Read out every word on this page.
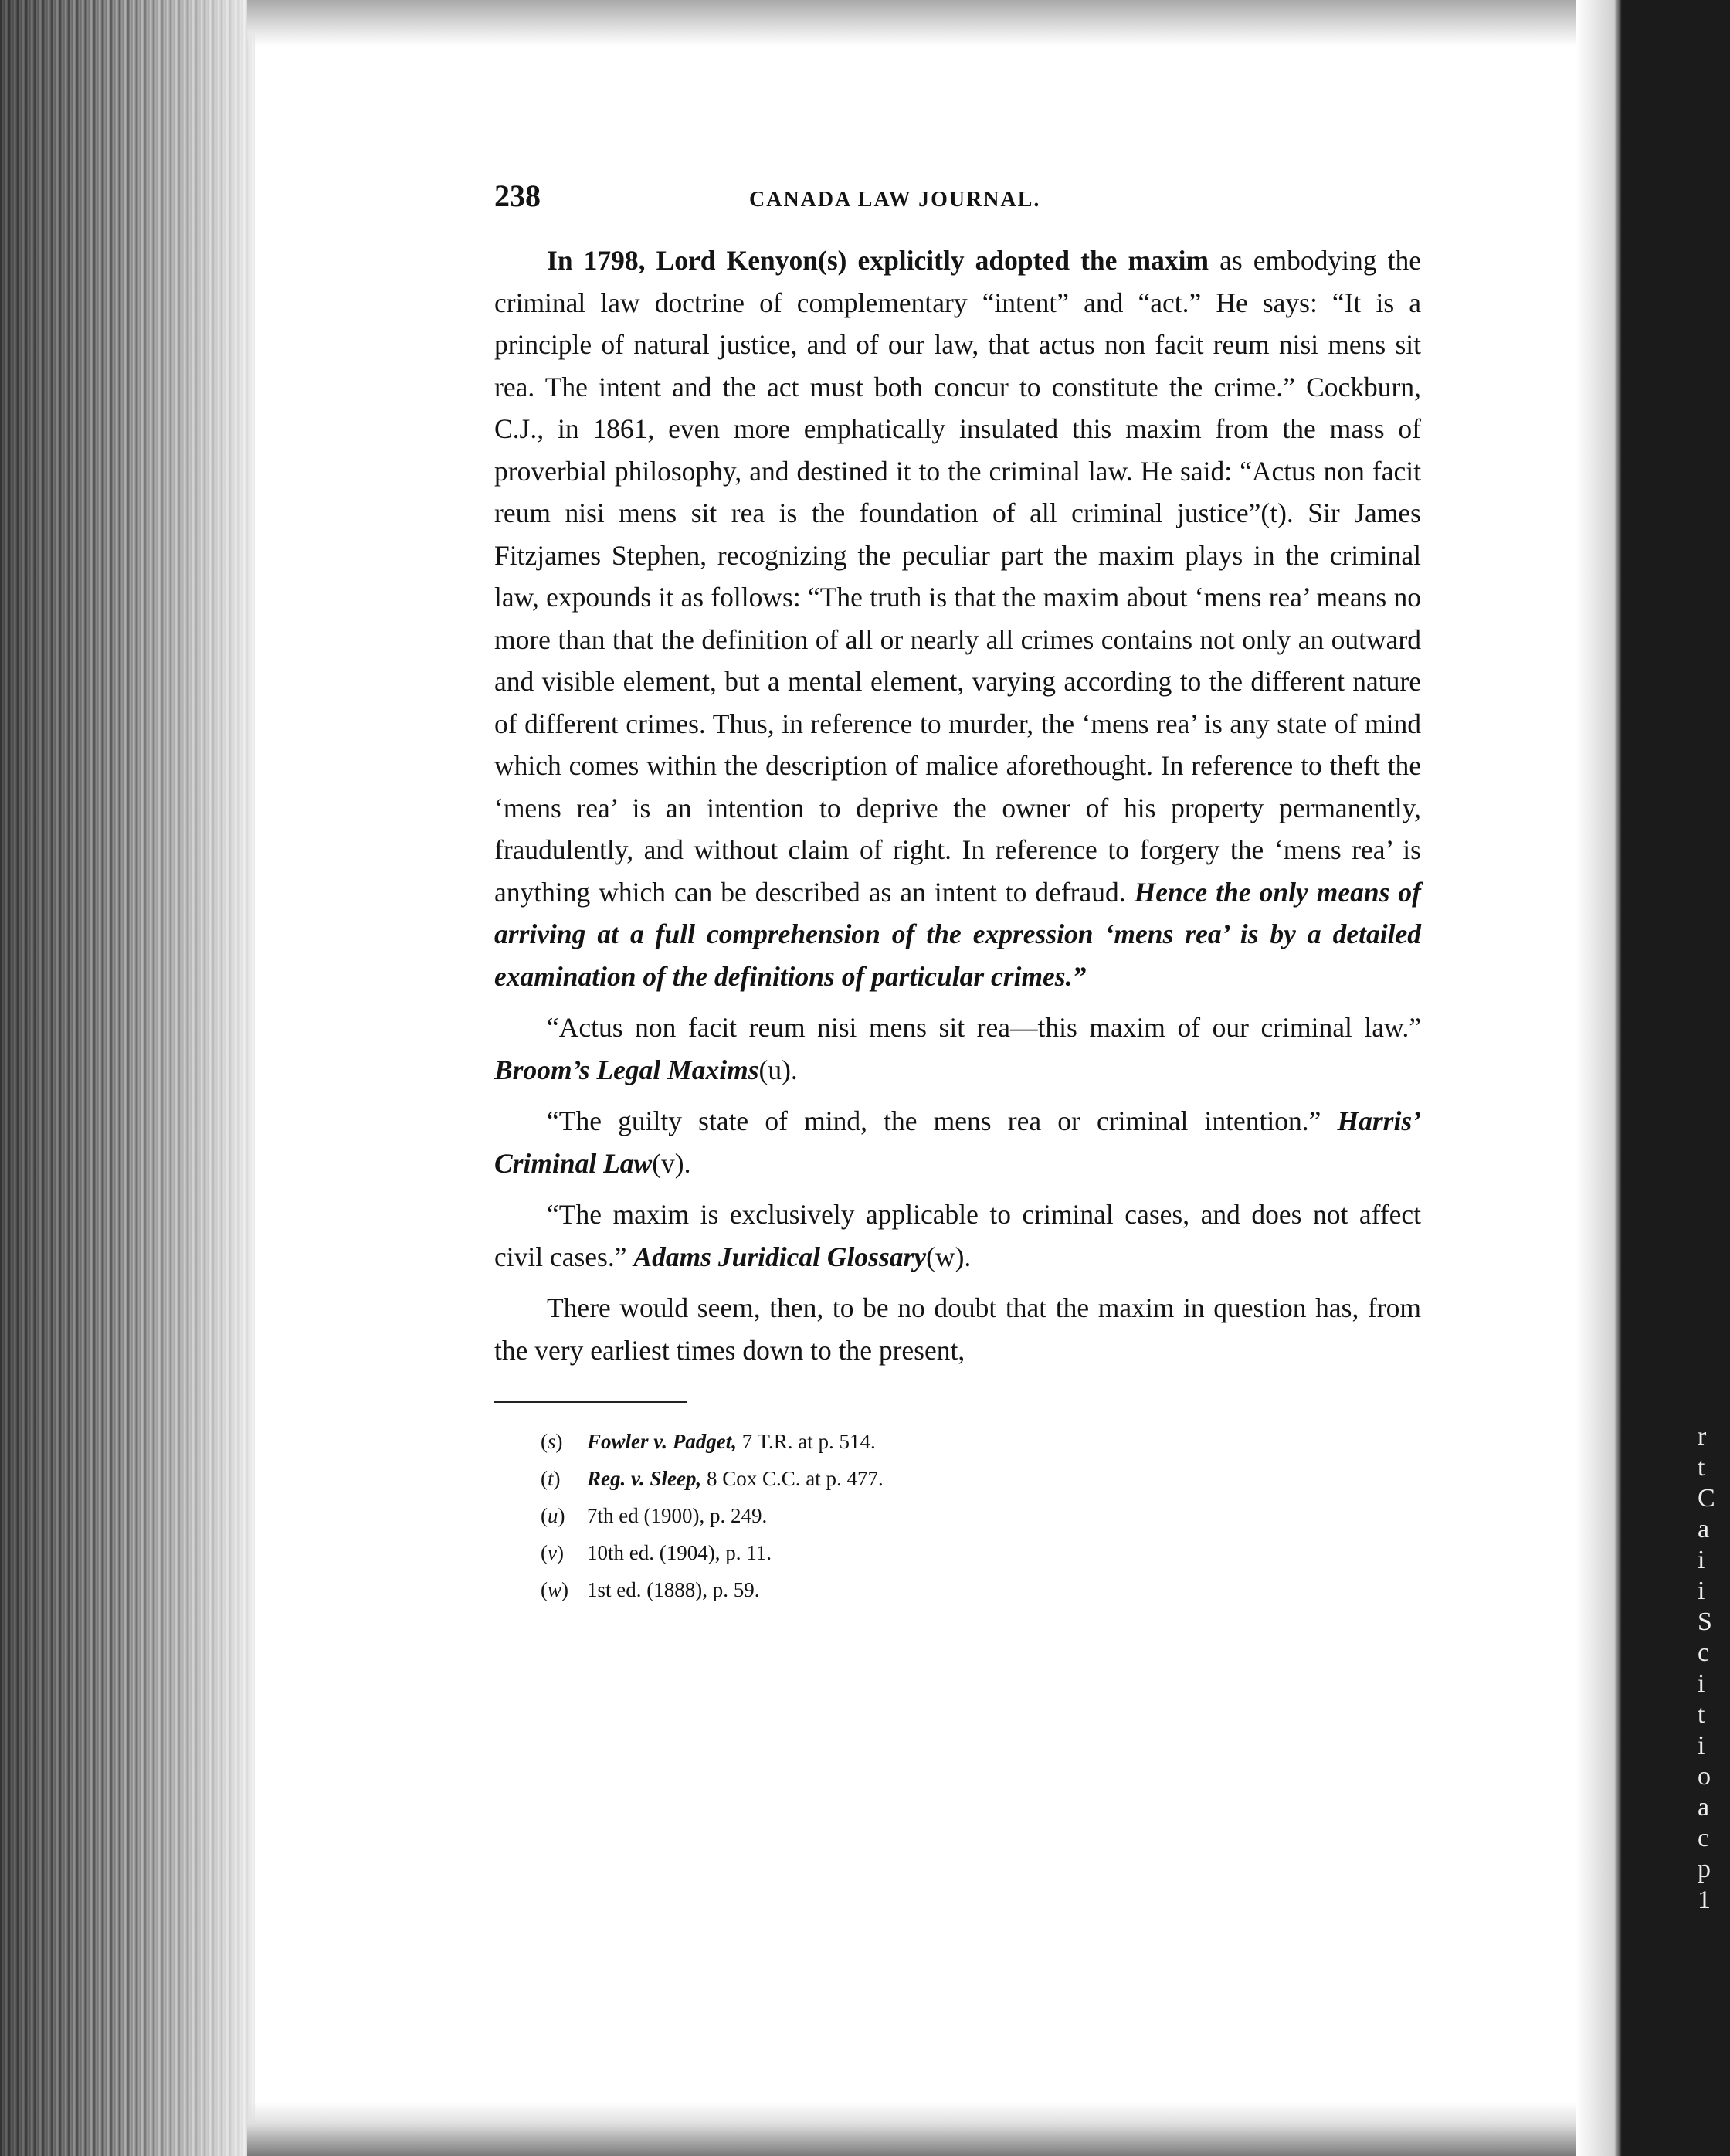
r
t
C
a
i
i
S
c
i
t
i
o
a
c
p
1
238	CANADA LAW JOURNAL.

In 1798, Lord Kenyon(s) explicitly adopted the maxim as embodying the criminal law doctrine of complementary “intent” and “act.” He says: “It is a principle of natural justice, and of our law, that actus non facit reum nisi mens sit rea. The intent and the act must both concur to constitute the crime.” Cockburn, C.J., in 1861, even more emphatically insulated this maxim from the mass of proverbial philosophy, and destined it to the criminal law. He said: “Actus non facit reum nisi mens sit rea is the foundation of all criminal justice”(t). Sir James Fitzjames Stephen, recognizing the peculiar part the maxim plays in the criminal law, expounds it as follows: “The truth is that the maxim about ‘mens rea’ means no more than that the definition of all or nearly all crimes contains not only an outward and visible element, but a mental element, varying according to the different nature of different crimes. Thus, in reference to murder, the ‘mens rea’ is any state of mind which comes within the description of malice aforethought. In reference to theft the ‘mens rea’ is an intention to deprive the owner of his property permanently, fraudulently, and without claim of right. In reference to forgery the ‘mens rea’ is anything which can be described as an intent to defraud. Hence the only means of arriving at a full comprehension of the expression ‘mens rea’ is by a detailed examination of the definitions of particular crimes.”

“Actus non facit reum nisi mens sit rea—this maxim of our criminal law.” Broom’s Legal Maxims(u).

“The guilty state of mind, the mens rea or criminal intention.” Harris’ Criminal Law(v).

“The maxim is exclusively applicable to criminal cases, and does not affect civil cases.” Adams Juridical Glossary(w).

There would seem, then, to be no doubt that the maxim in question has, from the very earliest times down to the present,

( s )	Fowler v. Padget, 7 T.R. at p. 514.
( t )	Reg. v. Sleep, 8 Cox C.C. at p. 477.
( u )	7th ed (1900), p. 249.
( v )	10th ed. (1904), p. 11.
( w )	1st ed. (1888), p. 59.
